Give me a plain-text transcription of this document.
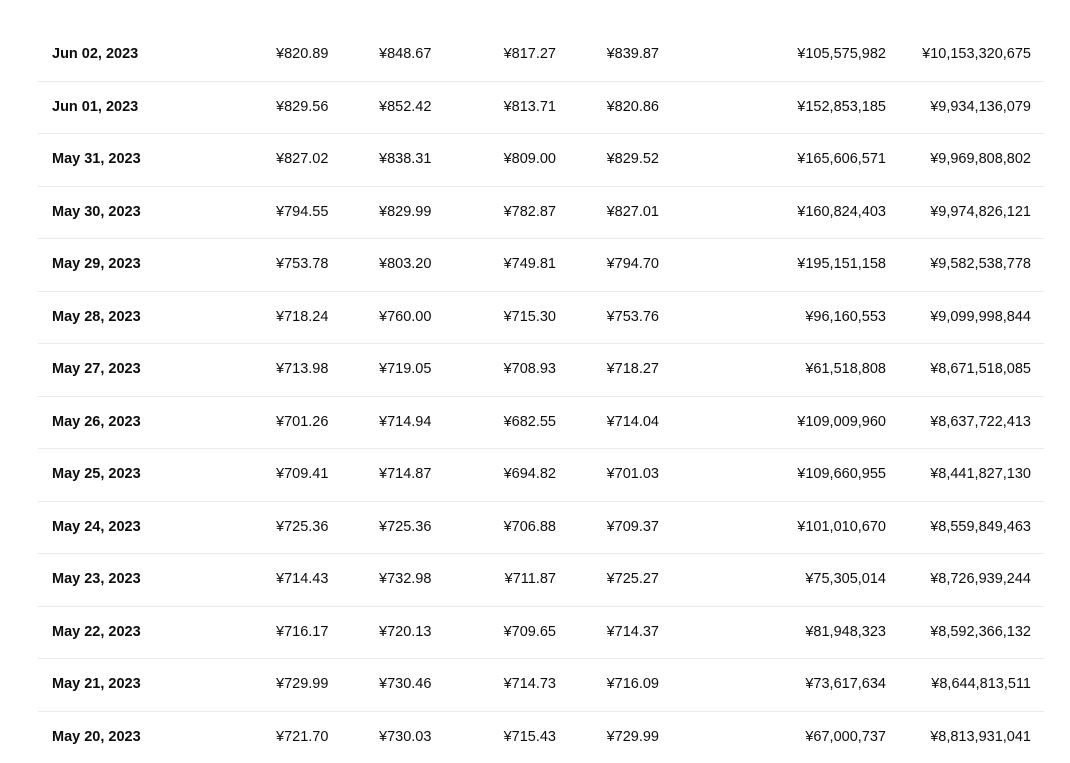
Jun 02, 2023	¥820.89	¥848.67	¥817.27	¥839.87	¥105,575,982 ¥10,153,320,675
Jun 01, 2023	¥829.56	¥852.42	¥813.71	¥820.86	¥152,853,185	¥9,934,136,079
May 31, 2023	¥827.02	¥838.31	¥809.00	¥829.52	¥165,606,571	¥9,969,808,802
May 30, 2023	¥794.55	¥829.99	¥782.87	¥827.01	¥160,824,403	¥9,974,826,121
May 29, 2023	¥753.78	¥803.20	¥749.81	¥794.70	¥195,151,158	¥9,582,538,778
May 28, 2023	¥718.24	¥760.00	¥715.30	¥753.76	¥96,160,553	¥9,099,998,844
May 27, 2023	¥713.98	¥719.05	¥708.93	¥718.27	¥61,518,808	¥8,671,518,085
May 26, 2023	¥701.26	¥714.94	¥682.55	¥714.04	¥109,009,960	¥8,637,722,413
May 25, 2023	¥709.41	¥714.87	¥694.82	¥701.03	¥109,660,955	¥8,441,827,130
May 24, 2023	¥725.36	¥725.36	¥706.88	¥709.37	¥101,010,670	¥8,559,849,463
May 23, 2023	¥714.43	¥732.98	¥711.87	¥725.27	¥75,305,014	¥8,726,939,244
May 22, 2023	¥716.17	¥720.13	¥709.65	¥714.37	¥81,948,323	¥8,592,366,132
May 21, 2023	¥729.99	¥730.46	¥714.73	¥716.09	¥73,617,634	¥8,644,813,511
May 20, 2023	¥721.70	¥730.03	¥715.43	¥729.99	¥67,000,737	¥8,813,931,041
